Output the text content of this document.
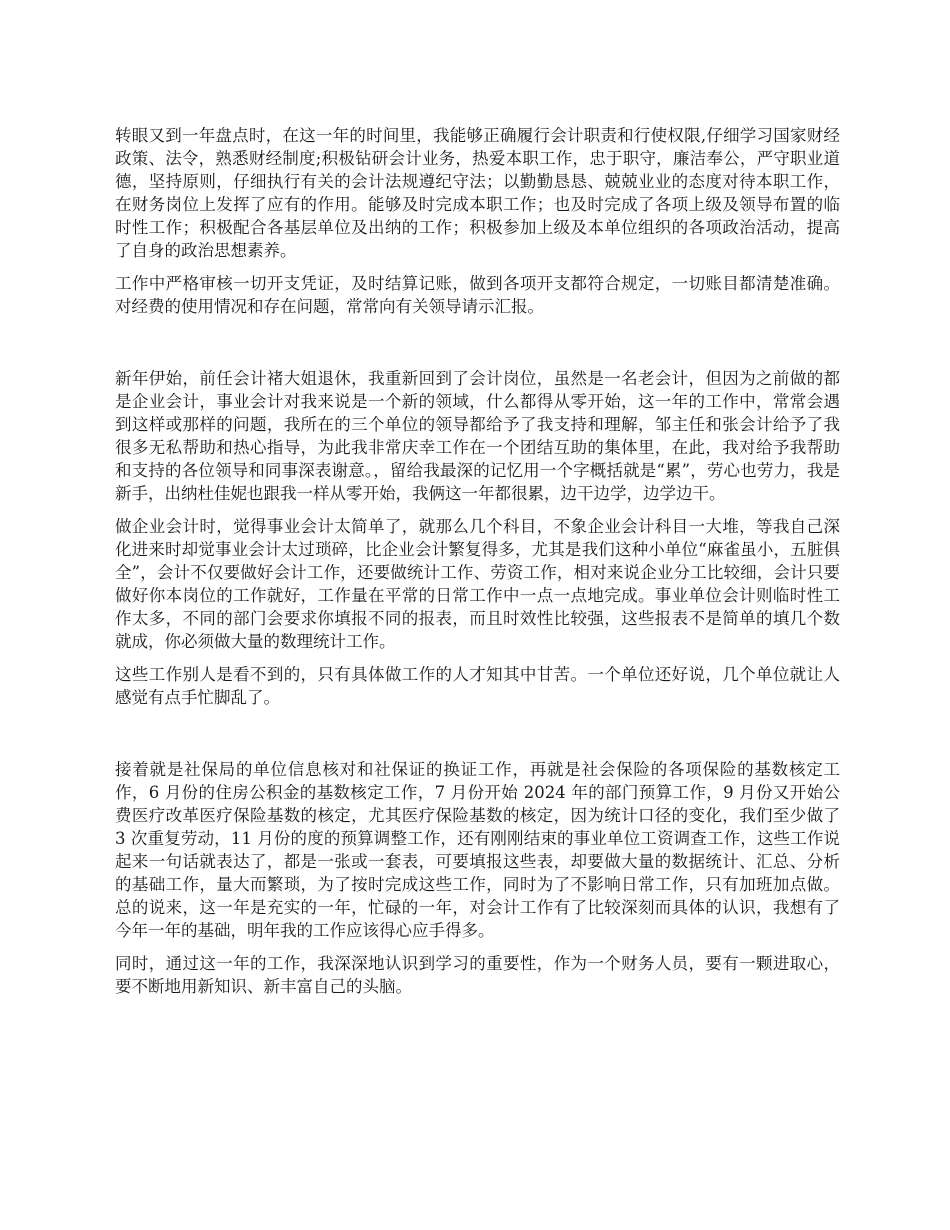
转眼又到一年盘点时，在这一年的时间里，我能够正确履行会计职责和行使权限,仔细学习国家财经政策、法令，熟悉财经制度;积极钻研会计业务，热爱本职工作，忠于职守，廉洁奉公，严守职业道德，坚持原则，仔细执行有关的会计法规遵纪守法；以勤勤恳恳、兢兢业业的态度对待本职工作，在财务岗位上发挥了应有的作用。能够及时完成本职工作；也及时完成了各项上级及领导布置的临时性工作；积极配合各基层单位及出纳的工作；积极参加上级及本单位组织的各项政治活动，提高了自身的政治思想素养。

工作中严格审核一切开支凭证，及时结算记账，做到各项开支都符合规定，一切账目都清楚准确。对经费的使用情况和存在问题，常常向有关领导请示汇报。

新年伊始，前任会计褚大姐退休，我重新回到了会计岗位，虽然是一名老会计，但因为之前做的都是企业会计，事业会计对我来说是一个新的领域，什么都得从零开始，这一年的工作中，常常会遇到这样或那样的问题，我所在的三个单位的领导都给予了我支持和理解，邹主任和张会计给予了我很多无私帮助和热心指导，为此我非常庆幸工作在一个团结互助的集体里，在此，我对给予我帮助和支持的各位领导和同事深表谢意。，留给我最深的记忆用一个字概括就是“累”，劳心也劳力，我是新手，出纳杜佳妮也跟我一样从零开始，我俩这一年都很累，边干边学，边学边干。

做企业会计时，觉得事业会计太简单了，就那么几个科目，不象企业会计科目一大堆，等我自己深化进来时却觉事业会计太过琐碎，比企业会计繁复得多，尤其是我们这种小单位“麻雀虽小，五脏俱全”，会计不仅要做好会计工作，还要做统计工作、劳资工作，相对来说企业分工比较细，会计只要做好你本岗位的工作就好，工作量在平常的日常工作中一点一点地完成。事业单位会计则临时性工作太多，不同的部门会要求你填报不同的报表，而且时效性比较强，这些报表不是简单的填几个数就成，你必须做大量的数理统计工作。

这些工作别人是看不到的，只有具体做工作的人才知其中甘苦。一个单位还好说，几个单位就让人感觉有点手忙脚乱了。

接着就是社保局的单位信息核对和社保证的换证工作，再就是社会保险的各项保险的基数核定工作，6 月份的住房公积金的基数核定工作，7 月份开始 2024 年的部门预算工作，9 月份又开始公费医疗改革医疗保险基数的核定，尤其医疗保险基数的核定，因为统计口径的变化，我们至少做了 3 次重复劳动，11 月份的度的预算调整工作，还有刚刚结束的事业单位工资调查工作，这些工作说起来一句话就表达了，都是一张或一套表，可要填报这些表，却要做大量的数据统计、汇总、分析的基础工作，量大而繁琐，为了按时完成这些工作，同时为了不影响日常工作，只有加班加点做。总的说来，这一年是充实的一年，忙碌的一年，对会计工作有了比较深刻而具体的认识，我想有了今年一年的基础，明年我的工作应该得心应手得多。

同时，通过这一年的工作，我深深地认识到学习的重要性，作为一个财务人员，要有一颗进取心，要不断地用新知识、新丰富自己的头脑。
